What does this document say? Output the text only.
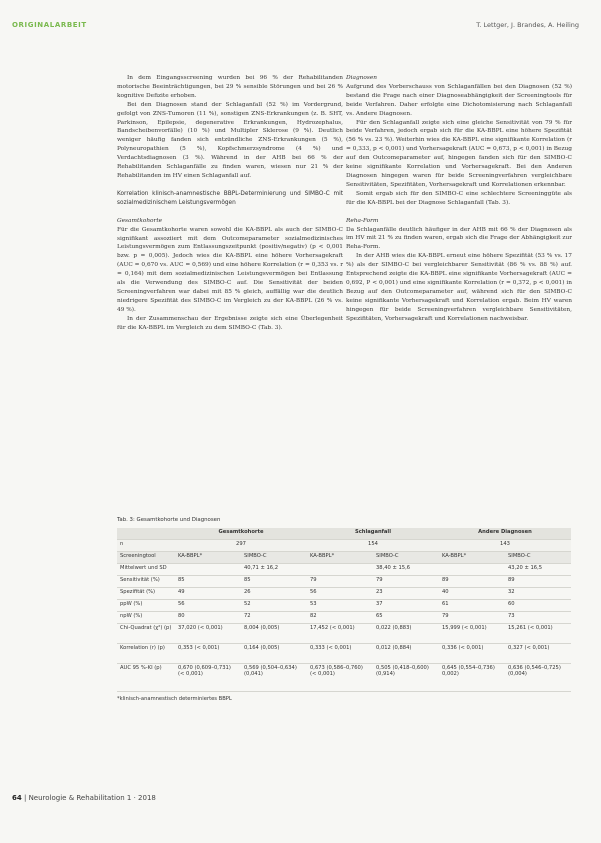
ORIGINALARBEIT	T. Lettger, J. Brandes, A. Heiling

In dem Eingangsscreening wurden bei 96 % der Rehabilitanden motorische Beeinträchtigungen, bei 29 % sensible Störungen und bei 26 % kognitive Defizite erhoben.

Bei den Diagnosen stand der Schlaganfall (52 %) im Vordergrund, gefolgt von ZNS-Tumoren (11 %), sonstigen ZNS-Erkrankungen (z. B. SHT, Parkinson, Epilepsie, degenerative Erkrankungen, Hydrozephalus, Bandscheibenvorfälle) (10 %) und Multipler Sklerose (9 %). Deutlich weniger häufig fanden sich entzündliche ZNS-Erkrankungen (5 %), Polyneuropathien (5 %), Kopfschmerzsyndrome (4 %) und Verdachtsdiagnosen (3 %). Während in der AHB bei 66 % der Rehabilitanden Schlaganfälle zu finden waren, wiesen nur 21 % der Rehabilitanden im HV einen Schlaganfall auf.

Korrelation klinisch-anamnestische BBPL-Determinierung und SIMBO-C mit sozialmedizinischem Leistungsvermögen

Gesamtkohorte

Für die Gesamtkohorte waren sowohl die KA-BBPL als auch der SIMBO-C signifikant assoziiert mit dem Outcomeparameter sozialmedizinisches Leistungsvermögen zum Entlassungszeitpunkt (positiv/negativ) (p < 0,001 bzw. p = 0,005). Jedoch wies die KA-BBPL eine höhere Vorhersagekraft (AUC = 0,670 vs. AUC = 0,569) und eine höhere Korrelation (r = 0,353 vs. r = 0,164) mit dem sozialmedizinischen Leistungsvermögen bei Entlassung als die Verwendung des SIMBO-C auf. Die Sensitivität der beiden Screeningverfahren war dabei mit 85 % gleich, auffällig war die deutlich niedrigere Spezifität des SIMBO-C im Vergleich zu der KA-BBPL (26 % vs. 49 %).

In der Zusammenschau der Ergebnisse zeigte sich eine Überlegenheit für die KA-BBPL im Vergleich zu dem SIMBO-C (Tab. 3).

Diagnosen

Aufgrund des Vorberschauss von Schlaganfällen bei den Diagnosen (52 %) bestand die Frage nach einer Diagnoseabhängigkeit der Screeningtools für beide Verfahren. Daher erfolgte eine Dichotomisierung nach Schlaganfall vs. Andere Diagnosen.

Für den Schlaganfall zeigte sich eine gleiche Sensitivität von 79 % für beide Verfahren, jedoch ergab sich für die KA-BBPL eine höhere Spezifität (56 % vs. 23 %). Weiterhin wies die KA-BBPL eine signifikante Korrelation (r = 0,333, p < 0,001) und Vorhersagekraft (AUC = 0,673, p < 0,001) in Bezug auf den Outcomeparameter auf, hingegen fanden sich für den SIMBO-C keine signifikante Korrelation und Vorhersagekraft. Bei den Anderen Diagnosen hingegen waren für beide Screeningverfahren vergleichbare Sensitivitäten, Spezifitäten, Vorhersagekraft und Korrelationen erkennbar.

Somit ergab sich für den SIMBO-C eine schlechtere Screeninggüte als für die KA-BBPL bei der Diagnose Schlaganfall (Tab. 3).

Reha-Form

Da Schlaganfälle deutlich häufiger in der AHB mit 66 % der Diagnosen als im HV mit 21 % zu finden waren, ergab sich die Frage der Abhängigkeit zur Reha-Form.

In der AHB wies die KA-BBPL erneut eine höhere Spezifität (53 % vs. 17 %) als der SIMBO-C bei vergleichbarer Sensitivität (86 % vs. 88 %) auf. Entsprechend zeigte die KA-BBPL eine signifikante Vorhersagekraft (AUC = 0,692, P < 0,001) und eine signifikante Korrelation (r = 0,372, p < 0,001) in Bezug auf den Outcomeparameter auf, während sich für den SIMBO-C keine signifikante Vorhersagekraft und Korrelation ergab. Beim HV waren hingegen für beide Screeningverfahren vergleichbare Sensitivitäten, Spezifitäten, Vorhersagekraft und Korrelationen nachweisbar.

Tab. 3: Gesamtkohorte und Diagnosen
	Gesamtkohorte		Schlaganfall		Andere Diagnosen	
n	297		154		143	
Screeningtool	KA-BBPL*	SIMBO-C	KA-BBPL*	SIMBO-C	KA-BBPL*	SIMBO-C
Mittelwert und SD		40,71 ± 16,2		38,40 ± 15,6		43,20 ± 16,5
Sensitivität (%)	85	85	79	79	89	89
Spezifität (%)	49	26	56	23	40	32
ppW (%)	56	52	53	37	61	60
npW (%)	80	72	82	65	79	73
Chi-Quadrat (χ²) (p)	37,020 (< 0,001)	8,004 (0,005)	17,452 (< 0,001)	0,022 (0,883)	15,999 (< 0,001)	15,261 (< 0,001)
Korrelation (r) (p)	0,353 (< 0,001)	0,164 (0,005)	0,333 (< 0,001)	0,012 (0,884)	0,336 (< 0,001)	0,327 (< 0,001)
AUC 95 %-KI (p)	0,670 (0,609–0,731) (< 0,001)	0,569 (0,504–0,634) (0,041)	0,673 (0,586–0,760) (< 0,001)	0,505 (0,418–0,600) (0,914)	0,645 (0,554–0,736) 0,002)	0,636 (0,546–0,725) (0,004)
*klinisch-anamnestisch determiniertes BBPL
64 | Neurologie & Rehabilitation 1 · 2018
